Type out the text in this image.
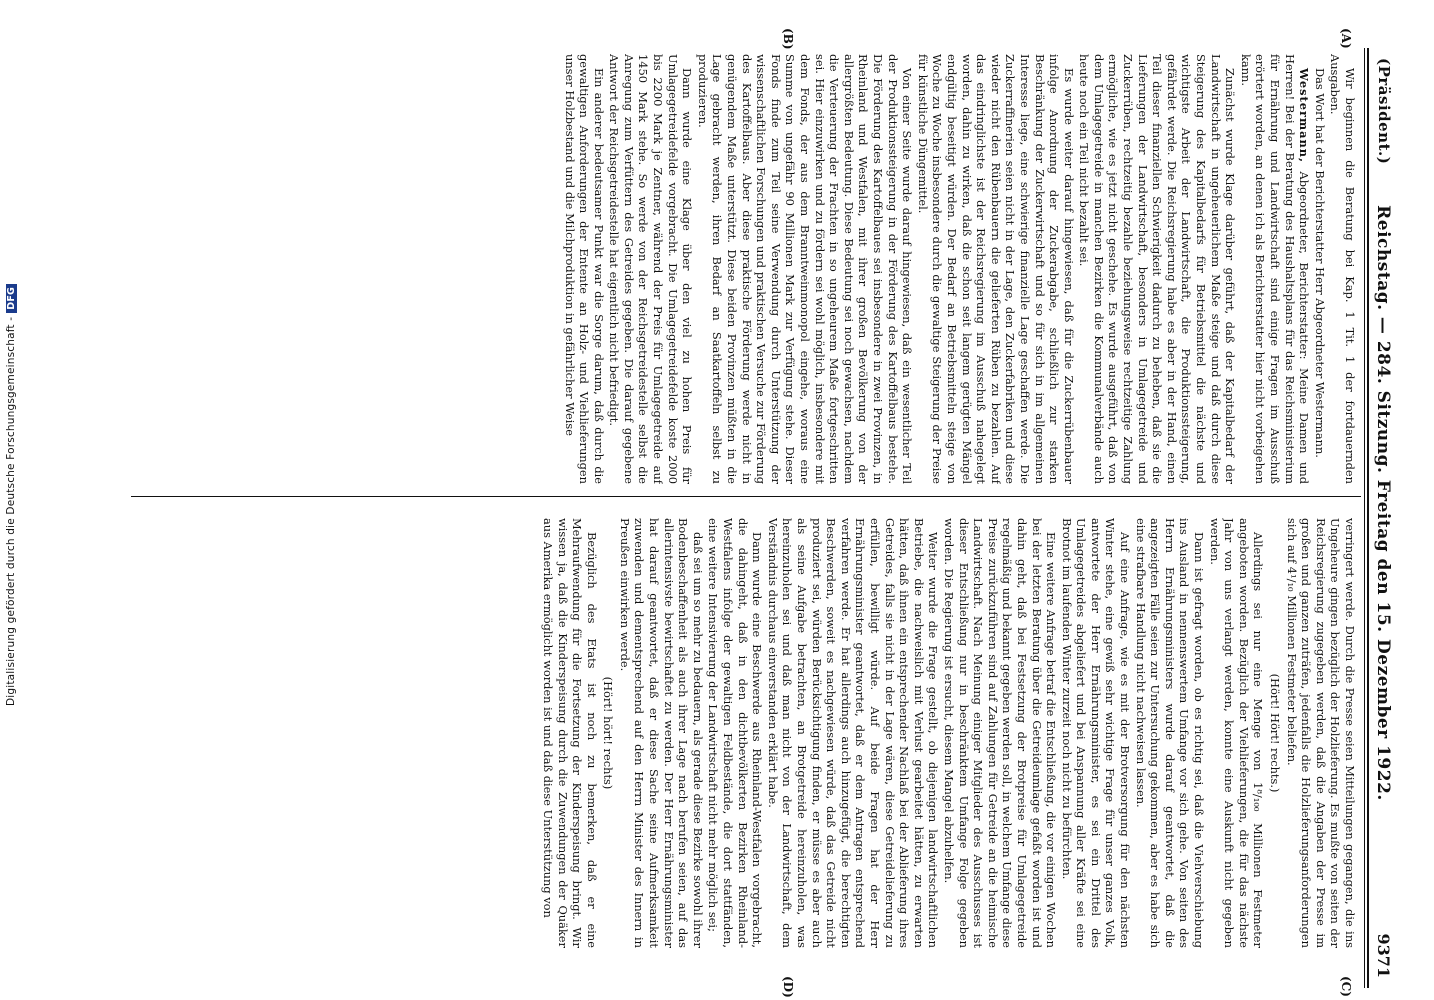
(Präsident.)
Reichstag. — 284. Sitzung. Freitag den 15. Dezember 1922.
9371
(A)
(B)
(C)
(D)

Wir beginnen die Beratung bei Kap. 1 Tit. 1 der fortdauernden Ausgaben.

Das Wort hat der Berichterstatter Herr Abgeordneter Westermann.

Westermann, Abgeordneter, Berichterstatter: Meine Damen und Herren! Bei der Beratung des Haushaltsplans für das Reichsministerium für Ernährung und Landwirtschaft sind einige Fragen im Ausschuß erörtert worden, an denen ich als Berichterstatter hier nicht vorbeigehen kann.

Zunächst wurde Klage darüber geführt, daß der Kapitalbedarf der Landwirtschaft in ungeheuerlichem Maße steige und daß durch diese Steigerung des Kapitalbedarfs für Betriebsmittel die nächste und wichtigste Arbeit der Landwirtschaft, die Produktionssteigerung, gefährdet werde. Die Reichsregierung habe es aber in der Hand, einen Teil dieser finanziellen Schwierigkeit dadurch zu beheben, daß sie die Lieferungen der Landwirtschaft, besonders in Umlagegetreide und Zuckerrüben, rechtzeitig bezahle beziehungsweise rechtzeitige Zahlung ermögliche, wie es jetzt nicht geschehe. Es wurde ausgeführt, daß von dem Umlagegetreide in manchen Bezirken die Kommunalverbände auch heute noch ein Teil nicht bezahlt sei.

Es wurde weiter darauf hingewiesen, daß für die Zuckerrübenbauer infolge Anordnung der Zuckerabgabe, schließlich zur starken Beschränkung der Zuckerwirtschaft und so für sich in im allgemeinen Interesse liege, eine schwierige finanzielle Lage geschaffen werde. Die Zuckerraffinerien seien nicht in der Lage, den Zuckerfabriken und diese wieder nicht den Rübenbauern die gelieferten Rüben zu bezahlen. Auf das eindringlichste ist der Reichsregierung im Ausschuß nahegelegt worden, dahin zu wirken, daß die schon seit langem gerügten Mängel endgültig beseitigt würden. Der Bedarf an Betriebsmitteln steige von Woche zu Woche insbesondere durch die gewaltige Steigerung der Preise für künstliche Düngemittel.

Von einer Seite wurde darauf hingewiesen, daß ein wesentlicher Teil der Produktionssteigerung in der Förderung des Kartoffelbaus bestehe. Die Förderung des Kartoffelbaues sei insbesondere in zwei Provinzen, in Rheinland und Westfalen, mit ihrer großen Bevölkerung von der allergrößten Bedeutung. Diese Bedeutung sei noch gewachsen, nachdem die Verteuerung der Frachten in so ungeheurem Maße fortgeschritten sei. Hier einzuwirken und zu fördern sei wohl möglich, insbesondere mit dem Fonds, der aus dem Branntweinmonopol eingehe, woraus eine Summe von ungefähr 90 Millionen Mark zur Verfügung stehe. Dieser Fonds finde zum Teil seine Verwendung durch Unterstützung der wissenschaftlichen Forschungen und praktischen Versuche zur Förderung des Kartoffelbaus. Aber diese praktische Förderung werde nicht in genügendem Maße unterstützt. Diese beiden Provinzen müßten in die Lage gebracht werden, ihren Bedarf an Saatkartoffeln selbst zu produzieren.

Dann wurde eine Klage über den viel zu hohen Preis für Umlagegetreidefelde vorgebracht. Die Umlagegetreidefelde koste 2000 bis 2200 Mark je Zentner, während der Preis für Umlagegetreide auf 1450 Mark stehe. So werde von der Reichsgetreidestelle selbst die Anregung zum Verfüttern des Getreides gegeben. Die darauf gegebene Antwort der Reichsgetreidestelle hat eigentlich nicht befriedigt.

Ein anderer bedeutsamer Punkt war die Sorge darum, daß durch die gewaltigen Anforderungen der Entente an Holz- und Viehlieferungen unser Holzbestand und die Milchproduktion in gefährlicher Weise

verringert werde. Durch die Presse seien Mitteilungen gegangen, die ins Ungeheure gingen bezüglich der Holzlieferung. Es mußte von seiten der Reichsregierung zugegeben werden, daß die Angaben der Presse im großen und ganzen zuträfen, jedenfalls die Holzlieferungsanforderungen sich auf 4¹/₁₀ Millionen Festmeter beliefen.

(Hört! Hört! rechts.)

Allerdings sei nur eine Menge von 1⁸/₁₀₀ Millionen Festmeter angeboten worden. Bezüglich der Viehlieferungen, die für das nächste Jahr von uns verlangt werden, konnte eine Auskunft nicht gegeben werden.

Dann ist gefragt worden, ob es richtig sei, daß die Viehverschiebung ins Ausland in nennenswertem Umfange vor sich gehe. Von seiten des Herrn Ernährungsministers wurde darauf geantwortet, daß die angezeigten Fälle seien zur Untersuchung gekommen, aber es habe sich eine strafbare Handlung nicht nachweisen lassen.

Auf eine Anfrage, wie es mit der Brotversorgung für den nächsten Winter stehe, eine gewiß sehr wichtige Frage für unser ganzes Volk, antwortete der Herr Ernährungsminister, es sei ein Drittel des Umlagegetreides abgeliefert und bei Anspannung aller Kräfte sei eine Brotnot im laufenden Winter zurzeit noch nicht zu befürchten.

Eine weitere Anfrage betraf die Entschließung, die vor einigen Wochen bei der letzten Beratung über die Getreideumlage gefaßt worden ist und dahin geht, daß bei Festsetzung der Brotpreise für Umlagegetreide regelmäßig und bekannt gegeben werden soll, in welchem Umfange diese Preise zurückzuführen sind auf Zahlungen für Getreide an die heimische Landwirtschaft. Nach Meinung einiger Mitglieder des Ausschusses ist dieser Entschließung nur in beschränktem Umfange Folge gegeben worden. Die Regierung ist ersucht, diesem Mangel abzuhelfen.

Weiter wurde die Frage gestellt, ob diejenigen landwirtschaftlichen Betriebe, die nachweislich mit Verlust gearbeitet hätten, zu erwarten hätten, daß ihnen ein entsprechender Nachlaß bei der Ablieferung ihres Getreides, falls sie nicht in der Lage wären, diese Getreidelieferung zu erfüllen, bewilligt würde. Auf beide Fragen hat der Herr Ernährungsminister geantwortet, daß er dem Antragen entsprechend verfahren werde. Er hat allerdings auch hinzugefügt, die berechtigten Beschwerden, soweit es nachgewiesen würde, daß das Getreide nicht produziert sei, würden Berücksichtigung finden, er müsse es aber auch als seine Aufgabe betrachten, an Brotgetreide hereinzuholen, was hereinzuholen sei und daß man nicht von der Landwirtschaft, dem Verständnis durchaus einverstanden erklärt habe.

Dann wurde eine Beschwerde aus Rheinland-Westfalen vorgebracht, die dahingeht, daß in den dichtbevölkerten Bezirken Rheinland-Westfalens infolge der gewaltigen Feldbestände, die dort stattfänden, eine weitere Intensivierung der Landwirtschaft nicht mehr möglich sei;

daß sei um so mehr zu bedauern, als gerade diese Bezirke sowohl ihrer Bodenbeschaffenheit als auch ihrer Lage nach berufen seien, auf das allerintensivste bewirtschaftet zu werden. Der Herr Ernährungsminister hat darauf geantwortet, daß er diese Sache seine Aufmerksamkeit zuwenden und dementsprechend auf den Herrn Minister des Innern in Preußen einwirken werde.

(Hört! hört! rechts)

Bezüglich des Etats ist noch zu bemerken, daß er eine Mehraufwendung für die Fortsetzung der Kinderspeisung bringt. Wir wissen ja, daß die Kinderspeisung durch die Zuwendungen der Quäker aus Amerika ermöglicht worden ist und daß diese Unterstützung von

Digitalisierung gefördert durch die Deutsche Forschungsgemeinschaft -DFG
